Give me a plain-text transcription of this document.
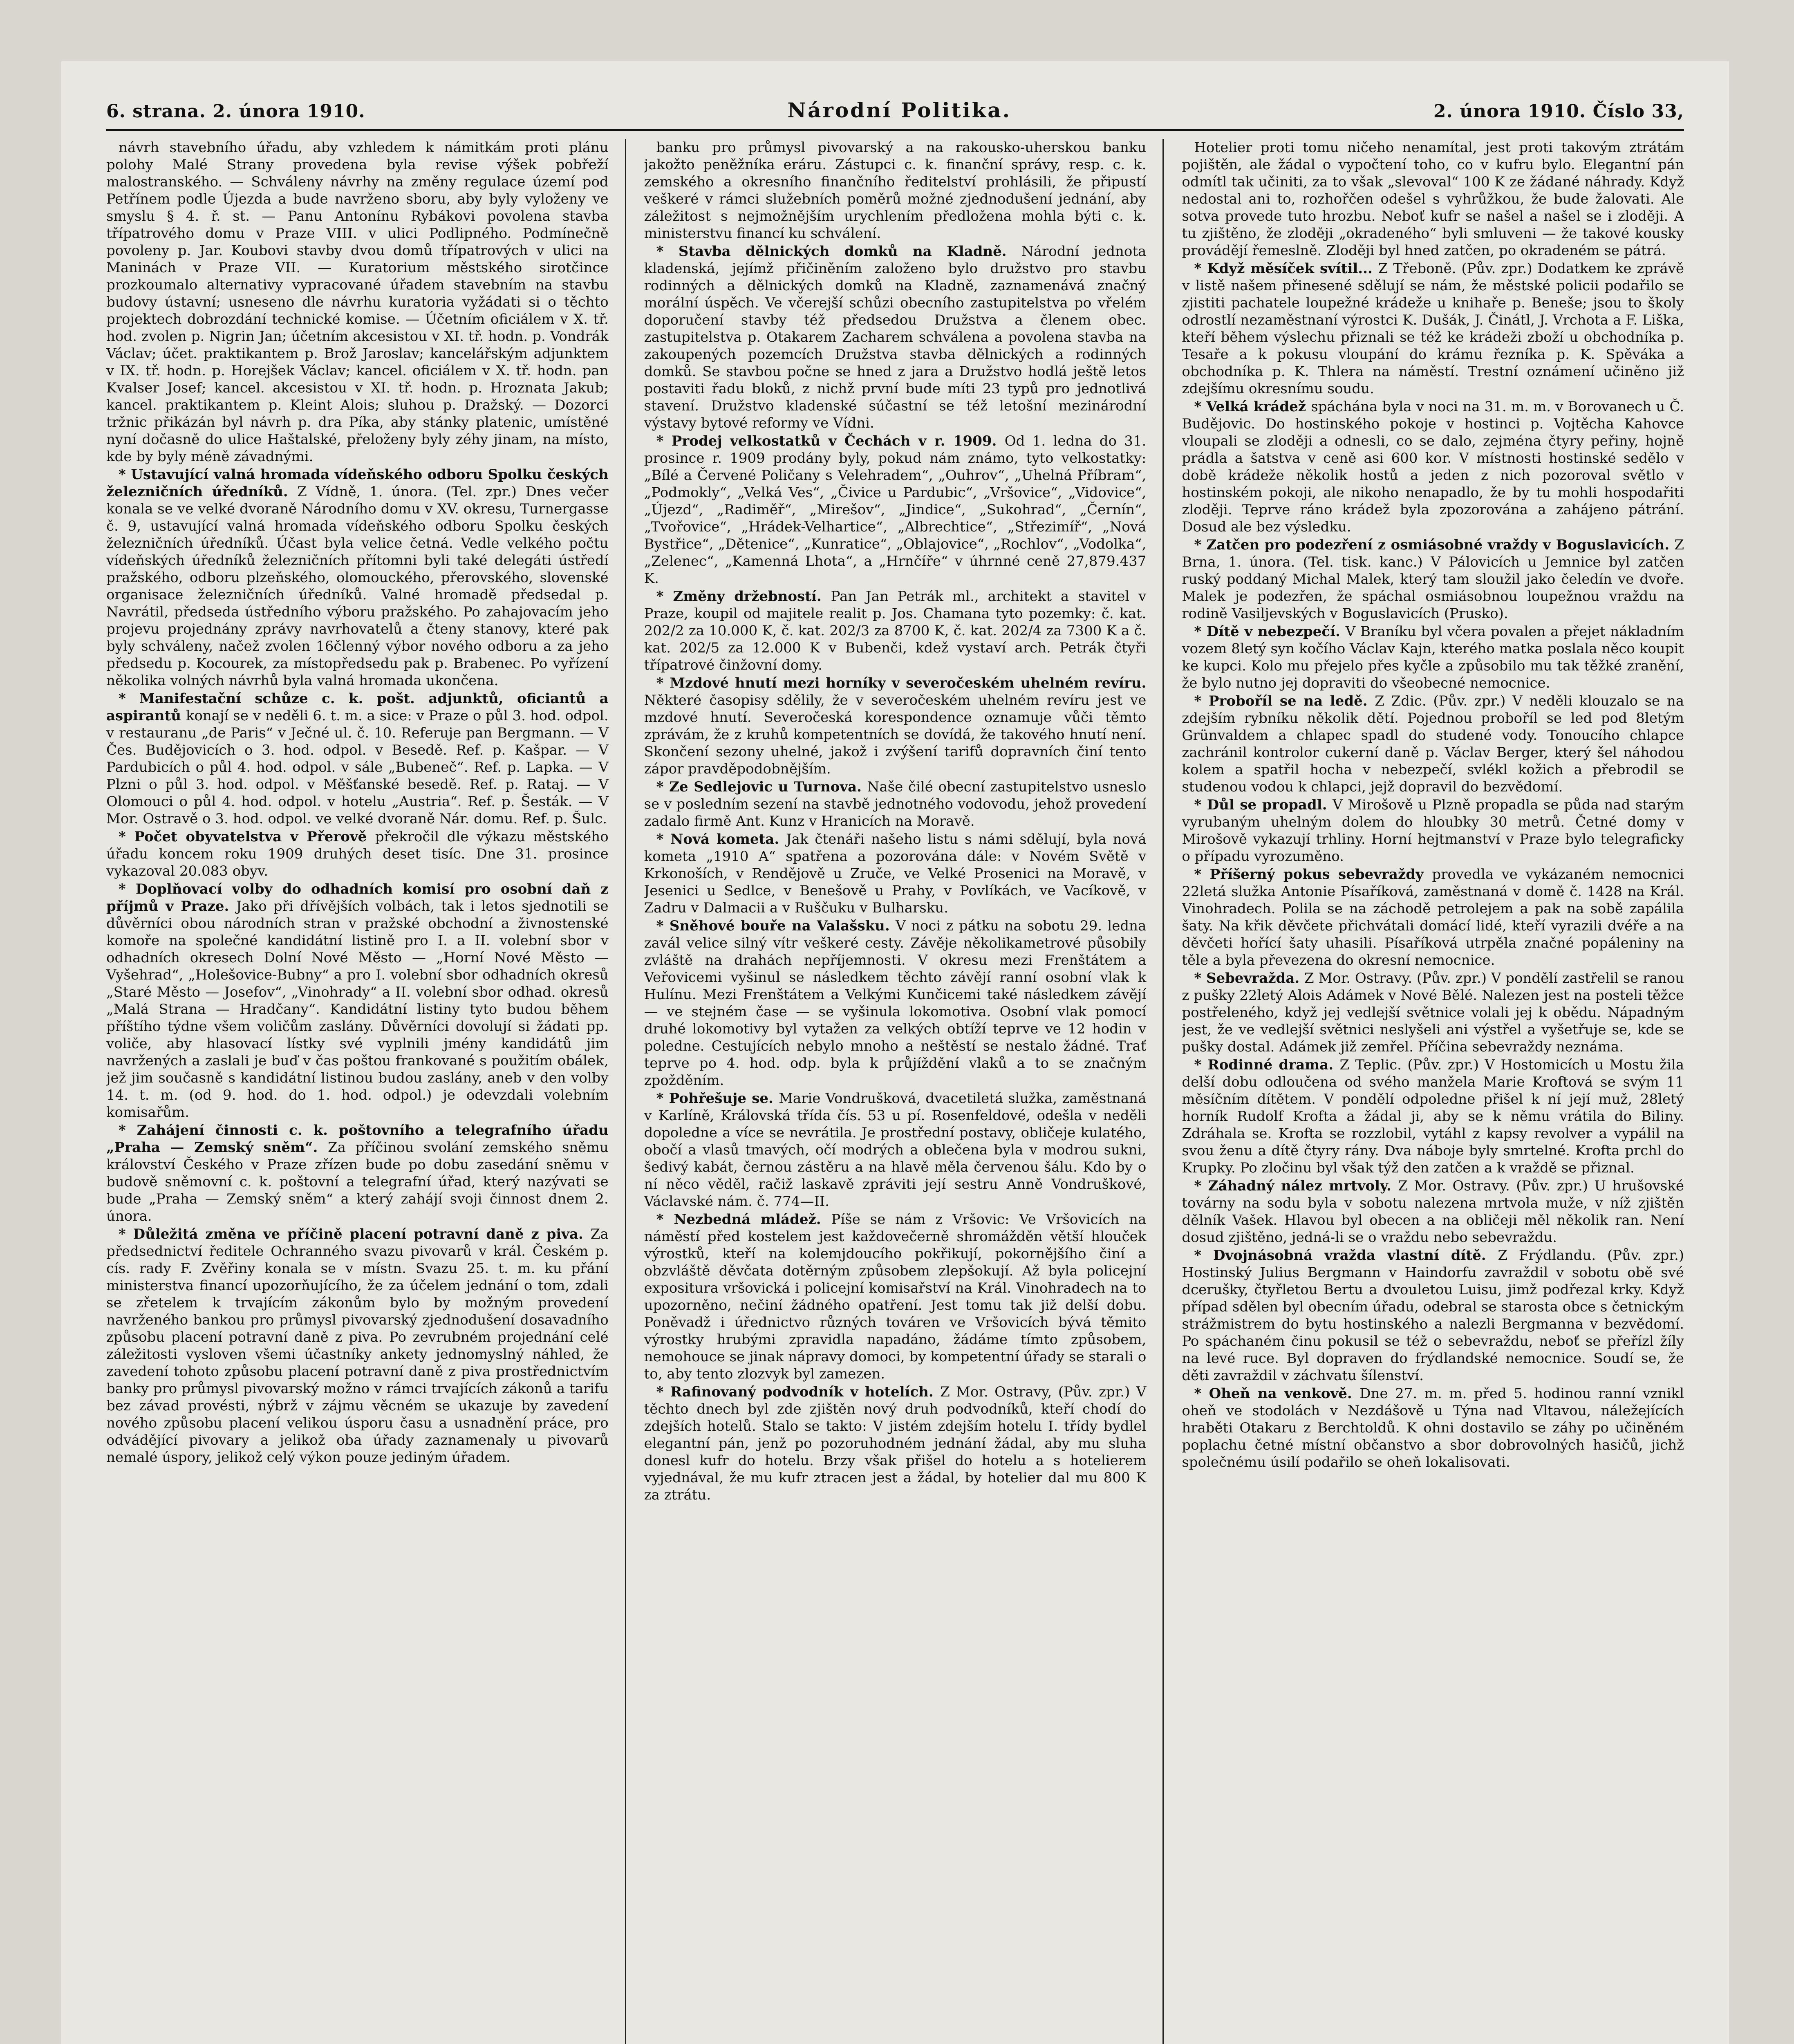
6. strana. 2. února 1910.	Národní Politika.	2. února 1910. Číslo 33,

návrh stavebního úřadu, aby vzhledem k námitkám proti plánu polohy Malé Strany provedena byla revise výšek pobřeží malostranského. — Schváleny návrhy na změny regulace území pod Petřínem podle Újezda a bude navrženo sboru, aby byly vyloženy ve smyslu § 4. ř. st. — Panu Antonínu Rybákovi povolena stavba třípatrového domu v Praze VIII. v ulici Podlipného. Podmínečně povoleny p. Jar. Koubovi stavby dvou domů třípatrových v ulici na Maninách v Praze VII. — Kuratorium městského sirotčince prozkoumalo alternativy vypracované úřadem stavebním na stavbu budovy ústavní; usneseno dle návrhu kuratoria vyžádati si o těchto projektech dobrozdání technické komise. — Účetním oficiálem v X. tř. hod. zvolen p. Nigrin Jan; účetním akcesistou v XI. tř. hodn. p. Vondrák Václav; účet. praktikantem p. Brož Jaroslav; kancelářským adjunktem v IX. tř. hodn. p. Horejšek Václav; kancel. oficiálem v X. tř. hodn. pan Kvalser Josef; kancel. akcesistou v XI. tř. hodn. p. Hroznata Jakub; kancel. praktikantem p. Kleint Alois; sluhou p. Dražský. — Dozorci tržnic přikázán byl návrh p. dra Píka, aby stánky platenic, umístěné nyní dočasně do ulice Haštalské, přeloženy byly zéhy jinam, na místo, kde by byly méně závadnými.

* Ustavující valná hromada vídeňského odboru Spolku českých železničních úředníků. Z Vídně, 1. února. (Tel. zpr.) Dnes večer konala se ve velké dvoraně Národního domu v XV. okresu, Turnergasse č. 9, ustavující valná hromada vídeňského odboru Spolku českých železničních úředníků. Účast byla velice četná. Vedle velkého počtu vídeňských úředníků železničních přítomni byli také delegáti ústředí pražského, odboru plzeňského, olomouckého, přerovského, slovenské organisace železničních úředníků. Valné hromadě předsedal p. Navrátil, předseda ústředního výboru pražského. Po zahajovacím jeho projevu projednány zprávy navrhovatelů a čteny stanovy, které pak byly schváleny, načež zvolen 16členný výbor nového odboru a za jeho předsedu p. Kocourek, za místopředsedu pak p. Brabenec. Po vyřízení několika volných návrhů byla valná hromada ukončena.

* Manifestační schůze c. k. pošt. adjunktů, oficiantů a aspirantů konají se v neděli 6. t. m. a sice: v Praze o půl 3. hod. odpol. v restauranu „de Paris“ v Ječné ul. č. 10. Referuje pan Bergmann. — V Čes. Budějovicích o 3. hod. odpol. v Besedě. Ref. p. Kašpar. — V Pardubicích o půl 4. hod. odpol. v sále „Bubeneč“. Ref. p. Lapka. — V Plzni o půl 3. hod. odpol. v Měšťanské besedě. Ref. p. Rataj. — V Olomouci o půl 4. hod. odpol. v hotelu „Austria“. Ref. p. Šesták. — V Mor. Ostravě o 3. hod. odpol. ve velké dvoraně Nár. domu. Ref. p. Šulc.

* Počet obyvatelstva v Přerově překročil dle výkazu městského úřadu koncem roku 1909 druhých deset tisíc. Dne 31. prosince vykazoval 20.083 obyv.

* Doplňovací volby do odhadních komisí pro osobní daň z příjmů v Praze. Jako při dřívějších volbách, tak i letos sjednotili se důvěrníci obou národních stran v pražské obchodní a živnostenské komoře na společné kandidátní listině pro I. a II. volební sbor v odhadních okresech Dolní Nové Město — „Horní Nové Město — Vyšehrad“, „Holešovice-Bubny“ a pro I. volební sbor odhadních okresů „Staré Město — Josefov“, „Vinohrady“ a II. volební sbor odhad. okresů „Malá Strana — Hradčany“. Kandidátní listiny tyto budou během příštího týdne všem voličům zaslány. Důvěrníci dovolují si žádati pp. voliče, aby hlasovací lístky své vyplnili jmény kandidátů jim navržených a zaslali je buď v čas poštou frankované s použitím obálek, jež jim současně s kandidátní listinou budou zaslány, aneb v den volby 14. t. m. (od 9. hod. do 1. hod. odpol.) je odevzdali volebním komisařům.

* Zahájení činnosti c. k. poštovního a telegrafního úřadu „Praha — Zemský sněm“. Za příčinou svolání zemského sněmu království Českého v Praze zřízen bude po dobu zasedání sněmu v budově sněmovní c. k. poštovní a telegrafní úřad, který nazývati se bude „Praha — Zemský sněm“ a který zahájí svoji činnost dnem 2. února.

* Důležitá změna ve příčině placení potravní daně z piva. Za předsednictví ředitele Ochranného svazu pivovarů v král. Českém p. cís. rady F. Zvěřiny konala se v místn. Svazu 25. t. m. ku přání ministerstva financí upozorňujícího, že za účelem jednání o tom, zdali se zřetelem k trvajícím zákonům bylo by možným provedení navrženého bankou pro průmysl pivovarský zjednodušení dosavadního způsobu placení potravní daně z piva. Po zevrubném projednání celé záležitosti vysloven všemi účastníky ankety jednomyslný náhled, že zavedení tohoto způsobu placení potravní daně z piva prostřednictvím banky pro průmysl pivovarský možno v rámci trvajících zákonů a tarifu bez závad provésti, nýbrž v zájmu věcném se ukazuje by zavedení nového způsobu placení velikou úsporu času a usnadnění práce, pro odvádějící pivovary a jelikož oba úřady zaznamenaly u pivovarů nemalé úspory, jelikož celý výkon pouze jediným úřadem.

banku pro průmysl pivovarský a na rakousko-uherskou banku jakožto peněžníka eráru. Zástupci c. k. finanční správy, resp. c. k. zemského a okresního finančního ředitelství prohlásili, že připustí veškeré v rámci služebních poměrů možné zjednodušení jednání, aby záležitost s nejmožnějším urychlením předložena mohla býti c. k. ministerstvu financí ku schválení.

* Stavba dělnických domků na Kladně. Národní jednota kladenská, jejímž přičiněním založeno bylo družstvo pro stavbu rodinných a dělnických domků na Kladně, zaznamenává značný morální úspěch. Ve včerejší schůzi obecního zastupitelstva po vřelém doporučení stavby též předsedou Družstva a členem obec. zastupitelstva p. Otakarem Zacharem schválena a povolena stavba na zakoupených pozemcích Družstva stavba dělnických a rodinných domků. Se stavbou počne se hned z jara a Družstvo hodlá ještě letos postaviti řadu bloků, z nichž první bude míti 23 typů pro jednotlivá stavení. Družstvo kladenské súčastní se též letošní mezinárodní výstavy bytové reformy ve Vídni.

* Prodej velkostatků v Čechách v r. 1909. Od 1. ledna do 31. prosince r. 1909 prodány byly, pokud nám známo, tyto velkostatky: „Bílé a Červené Poličany s Velehradem“, „Ouhrov“, „Uhelná Příbram“, „Podmokly“, „Velká Ves“, „Čivice u Pardubic“, „Vršovice“, „Vidovice“, „Újezd“, „Radiměř“, „Mirešov“, „Jindice“, „Sukohrad“, „Černín“, „Tvořovice“, „Hrádek-Velhartice“, „Albrechtice“, „Střezimíř“, „Nová Bystřice“, „Dětenice“, „Kunratice“, „Oblajovice“, „Rochlov“, „Vodolka“, „Zelenec“, „Kamenná Lhota“, a „Hrnčíře“ v úhrnné ceně 27,879.437 K.

* Změny držebností. Pan Jan Petrák ml., architekt a stavitel v Praze, koupil od majitele realit p. Jos. Chamana tyto pozemky: č. kat. 202/2 za 10.000 K, č. kat. 202/3 za 8700 K, č. kat. 202/4 za 7300 K a č. kat. 202/5 za 12.000 K v Bubenči, kdež vystaví arch. Petrák čtyři třípatrové činžovní domy.

* Mzdové hnutí mezi horníky v severočeském uhelném revíru. Některé časopisy sdělily, že v severočeském uhelném revíru jest ve mzdové hnutí. Severočeská korespondence oznamuje vůči těmto zprávám, že z kruhů kompetentních se dovídá, že takového hnutí není. Skončení sezony uhelné, jakož i zvýšení tarifů dopravních činí tento zápor pravděpodobnějším.

* Ze Sedlejovic u Turnova. Naše čilé obecní zastupitelstvo usneslo se v posledním sezení na stavbě jednotného vodovodu, jehož provedení zadalo firmě Ant. Kunz v Hranicích na Moravě.

* Nová kometa. Jak čtenáři našeho listu s námi sdělují, byla nová kometa „1910 A“ spatřena a pozorována dále: v Novém Světě v Krkonoších, v Rendějově u Zruče, ve Velké Prosenici na Moravě, v Jesenici u Sedlce, v Benešově u Prahy, v Povlíkách, ve Vacíkově, v Zadru v Dalmacii a v Ruščuku v Bulharsku.

* Sněhové bouře na Valašsku. V noci z pátku na sobotu 29. ledna zavál velice silný vítr veškeré cesty. Závěje několikametrové působily zvláště na drahách nepříjemnosti. V okresu mezi Frenštátem a Veřovicemi vyšinul se následkem těchto závějí ranní osobní vlak k Hulínu. Mezi Frenštátem a Velkými Kunčicemi také následkem závějí — ve stejném čase — se vyšinula lokomotiva. Osobní vlak pomocí druhé lokomotivy byl vytažen za velkých obtíží teprve ve 12 hodin v poledne. Cestujících nebylo mnoho a neštěstí se nestalo žádné. Trať teprve po 4. hod. odp. byla k průjíždění vlaků a to se značným zpožděním.

* Pohřešuje se. Marie Vondrušková, dvacetiletá služka, zaměstnaná v Karlíně, Královská třída čís. 53 u pí. Rosenfeldové, odešla v neděli dopoledne a více se nevrátila. Je prostřední postavy, obličeje kulatého, obočí a vlasů tmavých, očí modrých a oblečena byla v modrou sukni, šedivý kabát, černou zástěru a na hlavě měla červenou šálu. Kdo by o ní něco věděl, račiž laskavě zpráviti její sestru Anně Vondruškové, Václavské nám. č. 774—II.

* Nezbedná mládež. Píše se nám z Vršovic: Ve Vršovicích na náměstí před kostelem jest každovečerně shromážděn větší hlouček výrostků, kteří na kolemjdoucího pokřikují, pokornějšího činí a obzvláště děvčata dotěrným způsobem zlepšokují. Až byla policejní expositura vršovická i policejní komisařství na Král. Vinohradech na to upozorněno, nečiní žádného opatření. Jest tomu tak již delší dobu. Poněvadž i úřednictvo různých továren ve Vršovicích bývá těmito výrostky hrubými zpravidla napadáno, žádáme tímto způsobem, nemohouce se jinak nápravy domoci, by kompetentní úřady se starali o to, aby tento zlozvyk byl zamezen.

* Rafinovaný podvodník v hotelích. Z Mor. Ostravy, (Pův. zpr.) V těchto dnech byl zde zjištěn nový druh podvodníků, kteří chodí do zdejších hotelů. Stalo se takto: V jistém zdejším hotelu I. třídy bydlel elegantní pán, jenž po pozoruhodném jednání žádal, aby mu sluha donesl kufr do hotelu. Brzy však přišel do hotelu a s hotelierem vyjednával, že mu kufr ztracen jest a žádal, by hotelier dal mu 800 K za ztrátu.

Hotelier proti tomu ničeho nenamítal, jest proti takovým ztrátám pojištěn, ale žádal o vypočtení toho, co v kufru bylo. Elegantní pán odmítl tak učiniti, za to však „slevoval“ 100 K ze žádané náhrady. Když nedostal ani to, rozhořčen odešel s vyhrůžkou, že bude žalovati. Ale sotva provede tuto hrozbu. Neboť kufr se našel a našel se i zloději. A tu zjištěno, že zloději „okradeného“ byli smluveni — že takové kousky provádějí řemeslně. Zloději byl hned zatčen, po okradeném se pátrá.

* Když měsíček svítil... Z Třeboně. (Pův. zpr.) Dodatkem ke zprávě v listě našem přinesené sdělují se nám, že městské policii podařilo se zjistiti pachatele loupežné krádeže u knihaře p. Beneše; jsou to školy odrostlí nezaměstnaní výrostci K. Dušák, J. Činátl, J. Vrchota a F. Liška, kteří během výslechu přiznali se též ke krádeži zboží u obchodníka p. Tesaře a k pokusu vloupání do krámu řezníka p. K. Spěváka a obchodníka p. K. Thlera na náměstí. Trestní oznámení učiněno již zdejšímu okresnímu soudu.

* Velká krádež spáchána byla v noci na 31. m. m. v Borovanech u Č. Budějovic. Do hostinského pokoje v hostinci p. Vojtěcha Kahovce vloupali se zloději a odnesli, co se dalo, zejména čtyry peřiny, hojně prádla a šatstva v ceně asi 600 kor. V místnosti hostinské sedělo v době krádeže několik hostů a jeden z nich pozoroval světlo v hostinském pokoji, ale nikoho nenapadlo, že by tu mohli hospodařiti zloději. Teprve ráno krádež byla zpozorována a zahájeno pátrání. Dosud ale bez výsledku.

* Zatčen pro podezření z osmiásobné vraždy v Boguslavicích. Z Brna, 1. února. (Tel. tisk. kanc.) V Pálovicích u Jemnice byl zatčen ruský poddaný Michal Malek, který tam sloužil jako čeledín ve dvoře. Malek je podezřen, že spáchal osmiásobnou loupežnou vraždu na rodině Vasiljevských v Boguslavicích (Prusko).

* Dítě v nebezpečí. V Braníku byl včera povalen a přejet nákladním vozem 8letý syn kočího Václav Kajn, kterého matka poslala něco koupit ke kupci. Kolo mu přejelo přes kyčle a způsobilo mu tak těžké zranění, že bylo nutno jej dopraviti do všeobecné nemocnice.

* Proboříl se na ledě. Z Zdic. (Pův. zpr.) V neděli klouzalo se na zdejším rybníku několik dětí. Pojednou proboříl se led pod 8letým Grünvaldem a chlapec spadl do studené vody. Tonoucího chlapce zachránil kontrolor cukerní daně p. Václav Berger, který šel náhodou kolem a spatřil hocha v nebezpečí, svlékl kožich a přebrodil se studenou vodou k chlapci, jejž dopravil do bezvědomí.

* Důl se propadl. V Mirošově u Plzně propadla se půda nad starým vyrubaným uhelným dolem do hloubky 30 metrů. Četné domy v Mirošově vykazují trhliny. Horní hejtmanství v Praze bylo telegraficky o případu vyrozuměno.

* Příšerný pokus sebevraždy provedla ve vykázaném nemocnici 22letá služka Antonie Písaříková, zaměstnaná v domě č. 1428 na Král. Vinohradech. Polila se na záchodě petrolejem a pak na sobě zapálila šaty. Na křik děvčete přichvátali domácí lidé, kteří vyrazili dvéře a na děvčeti hořící šaty uhasili. Písaříková utrpěla značné popáleniny na těle a byla převezena do okresní nemocnice.

* Sebevražda. Z Mor. Ostravy. (Pův. zpr.) V pondělí zastřelil se ranou z pušky 22letý Alois Adámek v Nové Bělé. Nalezen jest na posteli těžce postřeleného, když jej vedlejší světnice volali jej k obědu. Nápadným jest, že ve vedlejší světnici neslyšeli ani výstřel a vyšetřuje se, kde se pušky dostal. Adámek již zemřel. Příčina sebevraždy neznáma.

* Rodinné drama. Z Teplic. (Pův. zpr.) V Hostomicích u Mostu žila delší dobu odloučena od svého manžela Marie Kroftová se svým 11 měsíčním dítětem. V pondělí odpoledne přišel k ní její muž, 28letý horník Rudolf Krofta a žádal ji, aby se k němu vrátila do Biliny. Zdráhala se. Krofta se rozzlobil, vytáhl z kapsy revolver a vypálil na svou ženu a dítě čtyry rány. Dva náboje byly smrtelné. Krofta prchl do Krupky. Po zločinu byl však týž den zatčen a k vraždě se přiznal.

* Záhadný nález mrtvoly. Z Mor. Ostravy. (Pův. zpr.) U hrušovské továrny na sodu byla v sobotu nalezena mrtvola muže, v níž zjištěn dělník Vašek. Hlavou byl obecen a na obličeji měl několik ran. Není dosud zjištěno, jedná-li se o vraždu nebo sebevraždu.

* Dvojnásobná vražda vlastní dítě. Z Frýdlandu. (Pův. zpr.) Hostinský Julius Bergmann v Haindorfu zavraždil v sobotu obě své dcerušky, čtyřletou Bertu a dvouletou Luisu, jimž podřezal krky. Když případ sdělen byl obecním úřadu, odebral se starosta obce s četnickým strážmistrem do bytu hostinského a nalezli Bergmanna v bezvědomí. Po spáchaném činu pokusil se též o sebevraždu, neboť se přeřízl žíly na levé ruce. Byl dopraven do frýdlandské nemocnice. Soudí se, že děti zavraždil v záchvatu šílenství.

* Oheň na venkově. Dne 27. m. m. před 5. hodinou ranní vznikl oheň ve stodolách v Nezdášově u Týna nad Vltavou, náležejících hraběti Otakaru z Berchtoldů. K ohni dostavilo se záhy po učiněném poplachu četné místní občanstvo a sbor dobrovolných hasičů, jichž společnému úsilí podařilo se oheň lokalisovati.
